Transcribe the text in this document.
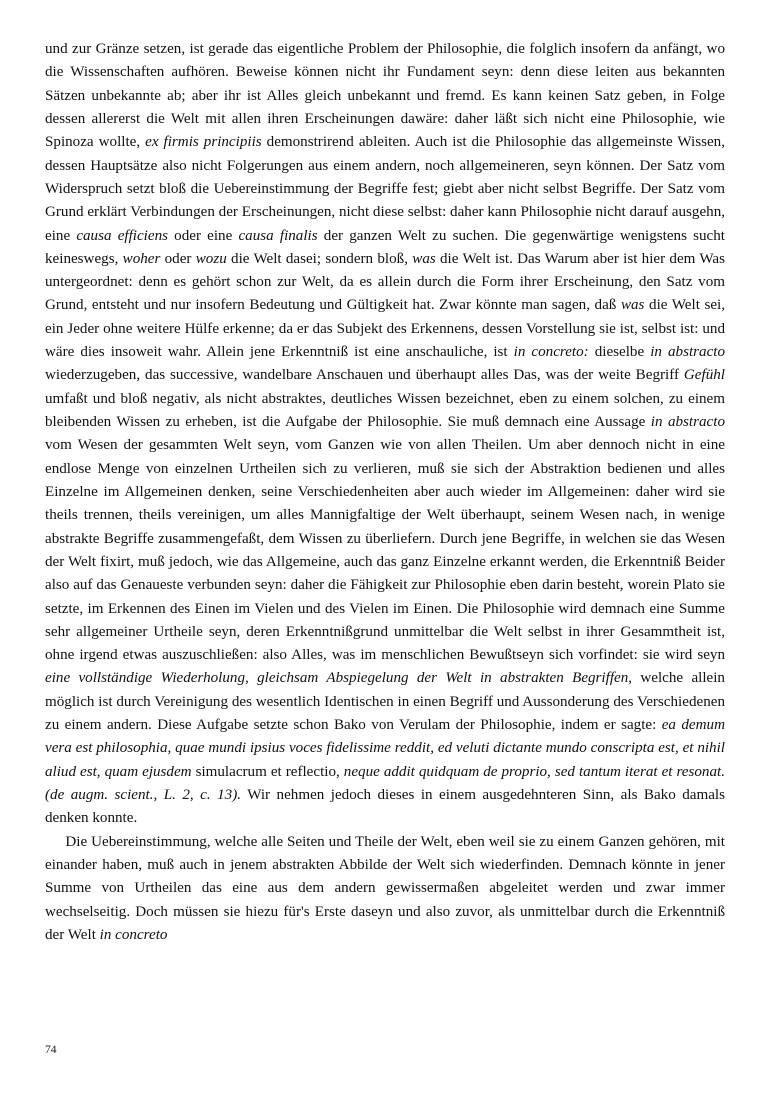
und zur Gränze setzen, ist gerade das eigentliche Problem der Philosophie, die folglich insofern da anfängt, wo die Wissenschaften aufhören. Beweise können nicht ihr Fundament seyn: denn diese leiten aus bekannten Sätzen unbekannte ab; aber ihr ist Alles gleich unbekannt und fremd. Es kann keinen Satz geben, in Folge dessen allererst die Welt mit allen ihren Erscheinungen dawäre: daher läßt sich nicht eine Philosophie, wie Spinoza wollte, ex firmis principiis demonstrirend ableiten. Auch ist die Philosophie das allgemeinste Wissen, dessen Hauptsätze also nicht Folgerungen aus einem andern, noch allgemeineren, seyn können. Der Satz vom Widerspruch setzt bloß die Uebereinstimmung der Begriffe fest; giebt aber nicht selbst Begriffe. Der Satz vom Grund erklärt Verbindungen der Erscheinungen, nicht diese selbst: daher kann Philosophie nicht darauf ausgehn, eine causa efficiens oder eine causa finalis der ganzen Welt zu suchen. Die gegenwärtige wenigstens sucht keineswegs, woher oder wozu die Welt dasei; sondern bloß, was die Welt ist. Das Warum aber ist hier dem Was untergeordnet: denn es gehört schon zur Welt, da es allein durch die Form ihrer Erscheinung, den Satz vom Grund, entsteht und nur insofern Bedeutung und Gültigkeit hat. Zwar könnte man sagen, daß was die Welt sei, ein Jeder ohne weitere Hülfe erkenne; da er das Subjekt des Erkennens, dessen Vorstellung sie ist, selbst ist: und wäre dies insoweit wahr. Allein jene Erkenntniß ist eine anschauliche, ist in concreto: dieselbe in abstracto wiederzugeben, das successive, wandelbare Anschauen und überhaupt alles Das, was der weite Begriff Gefühl umfaßt und bloß negativ, als nicht abstraktes, deutliches Wissen bezeichnet, eben zu einem solchen, zu einem bleibenden Wissen zu erheben, ist die Aufgabe der Philosophie. Sie muß demnach eine Aussage in abstracto vom Wesen der gesammten Welt seyn, vom Ganzen wie von allen Theilen. Um aber dennoch nicht in eine endlose Menge von einzelnen Urtheilen sich zu verlieren, muß sie sich der Abstraktion bedienen und alles Einzelne im Allgemeinen denken, seine Verschiedenheiten aber auch wieder im Allgemeinen: daher wird sie theils trennen, theils vereinigen, um alles Mannigfaltige der Welt überhaupt, seinem Wesen nach, in wenige abstrakte Begriffe zusammengefaßt, dem Wissen zu überliefern. Durch jene Begriffe, in welchen sie das Wesen der Welt fixirt, muß jedoch, wie das Allgemeine, auch das ganz Einzelne erkannt werden, die Erkenntniß Beider also auf das Genaueste verbunden seyn: daher die Fähigkeit zur Philosophie eben darin besteht, worein Plato sie setzte, im Erkennen des Einen im Vielen und des Vielen im Einen. Die Philosophie wird demnach eine Summe sehr allgemeiner Urtheile seyn, deren Erkenntnißgrund unmittelbar die Welt selbst in ihrer Gesammtheit ist, ohne irgend etwas auszuschließen: also Alles, was im menschlichen Bewußtseyn sich vorfindet: sie wird seyn eine vollständige Wiederholung, gleichsam Abspiegelung der Welt in abstrakten Begriffen, welche allein möglich ist durch Vereinigung des wesentlich Identischen in einen Begriff und Aussonderung des Verschiedenen zu einem andern. Diese Aufgabe setzte schon Bako von Verulam der Philosophie, indem er sagte: ea demum vera est philosophia, quae mundi ipsius voces fidelissime reddit, ed veluti dictante mundo conscripta est, et nihil aliud est, quam ejusdem simulacrum et reflectio, neque addit quidquam de proprio, sed tantum iterat et resonat. (de augm. scient., L. 2, c. 13). Wir nehmen jedoch dieses in einem ausgedehnteren Sinn, als Bako damals denken konnte.

Die Uebereinstimmung, welche alle Seiten und Theile der Welt, eben weil sie zu einem Ganzen gehören, mit einander haben, muß auch in jenem abstrakten Abbilde der Welt sich wiederfinden. Demnach könnte in jener Summe von Urtheilen das eine aus dem andern gewissermaßen abgeleitet werden und zwar immer wechselseitig. Doch müssen sie hiezu für's Erste daseyn und also zuvor, als unmittelbar durch die Erkenntniß der Welt in concreto

74
